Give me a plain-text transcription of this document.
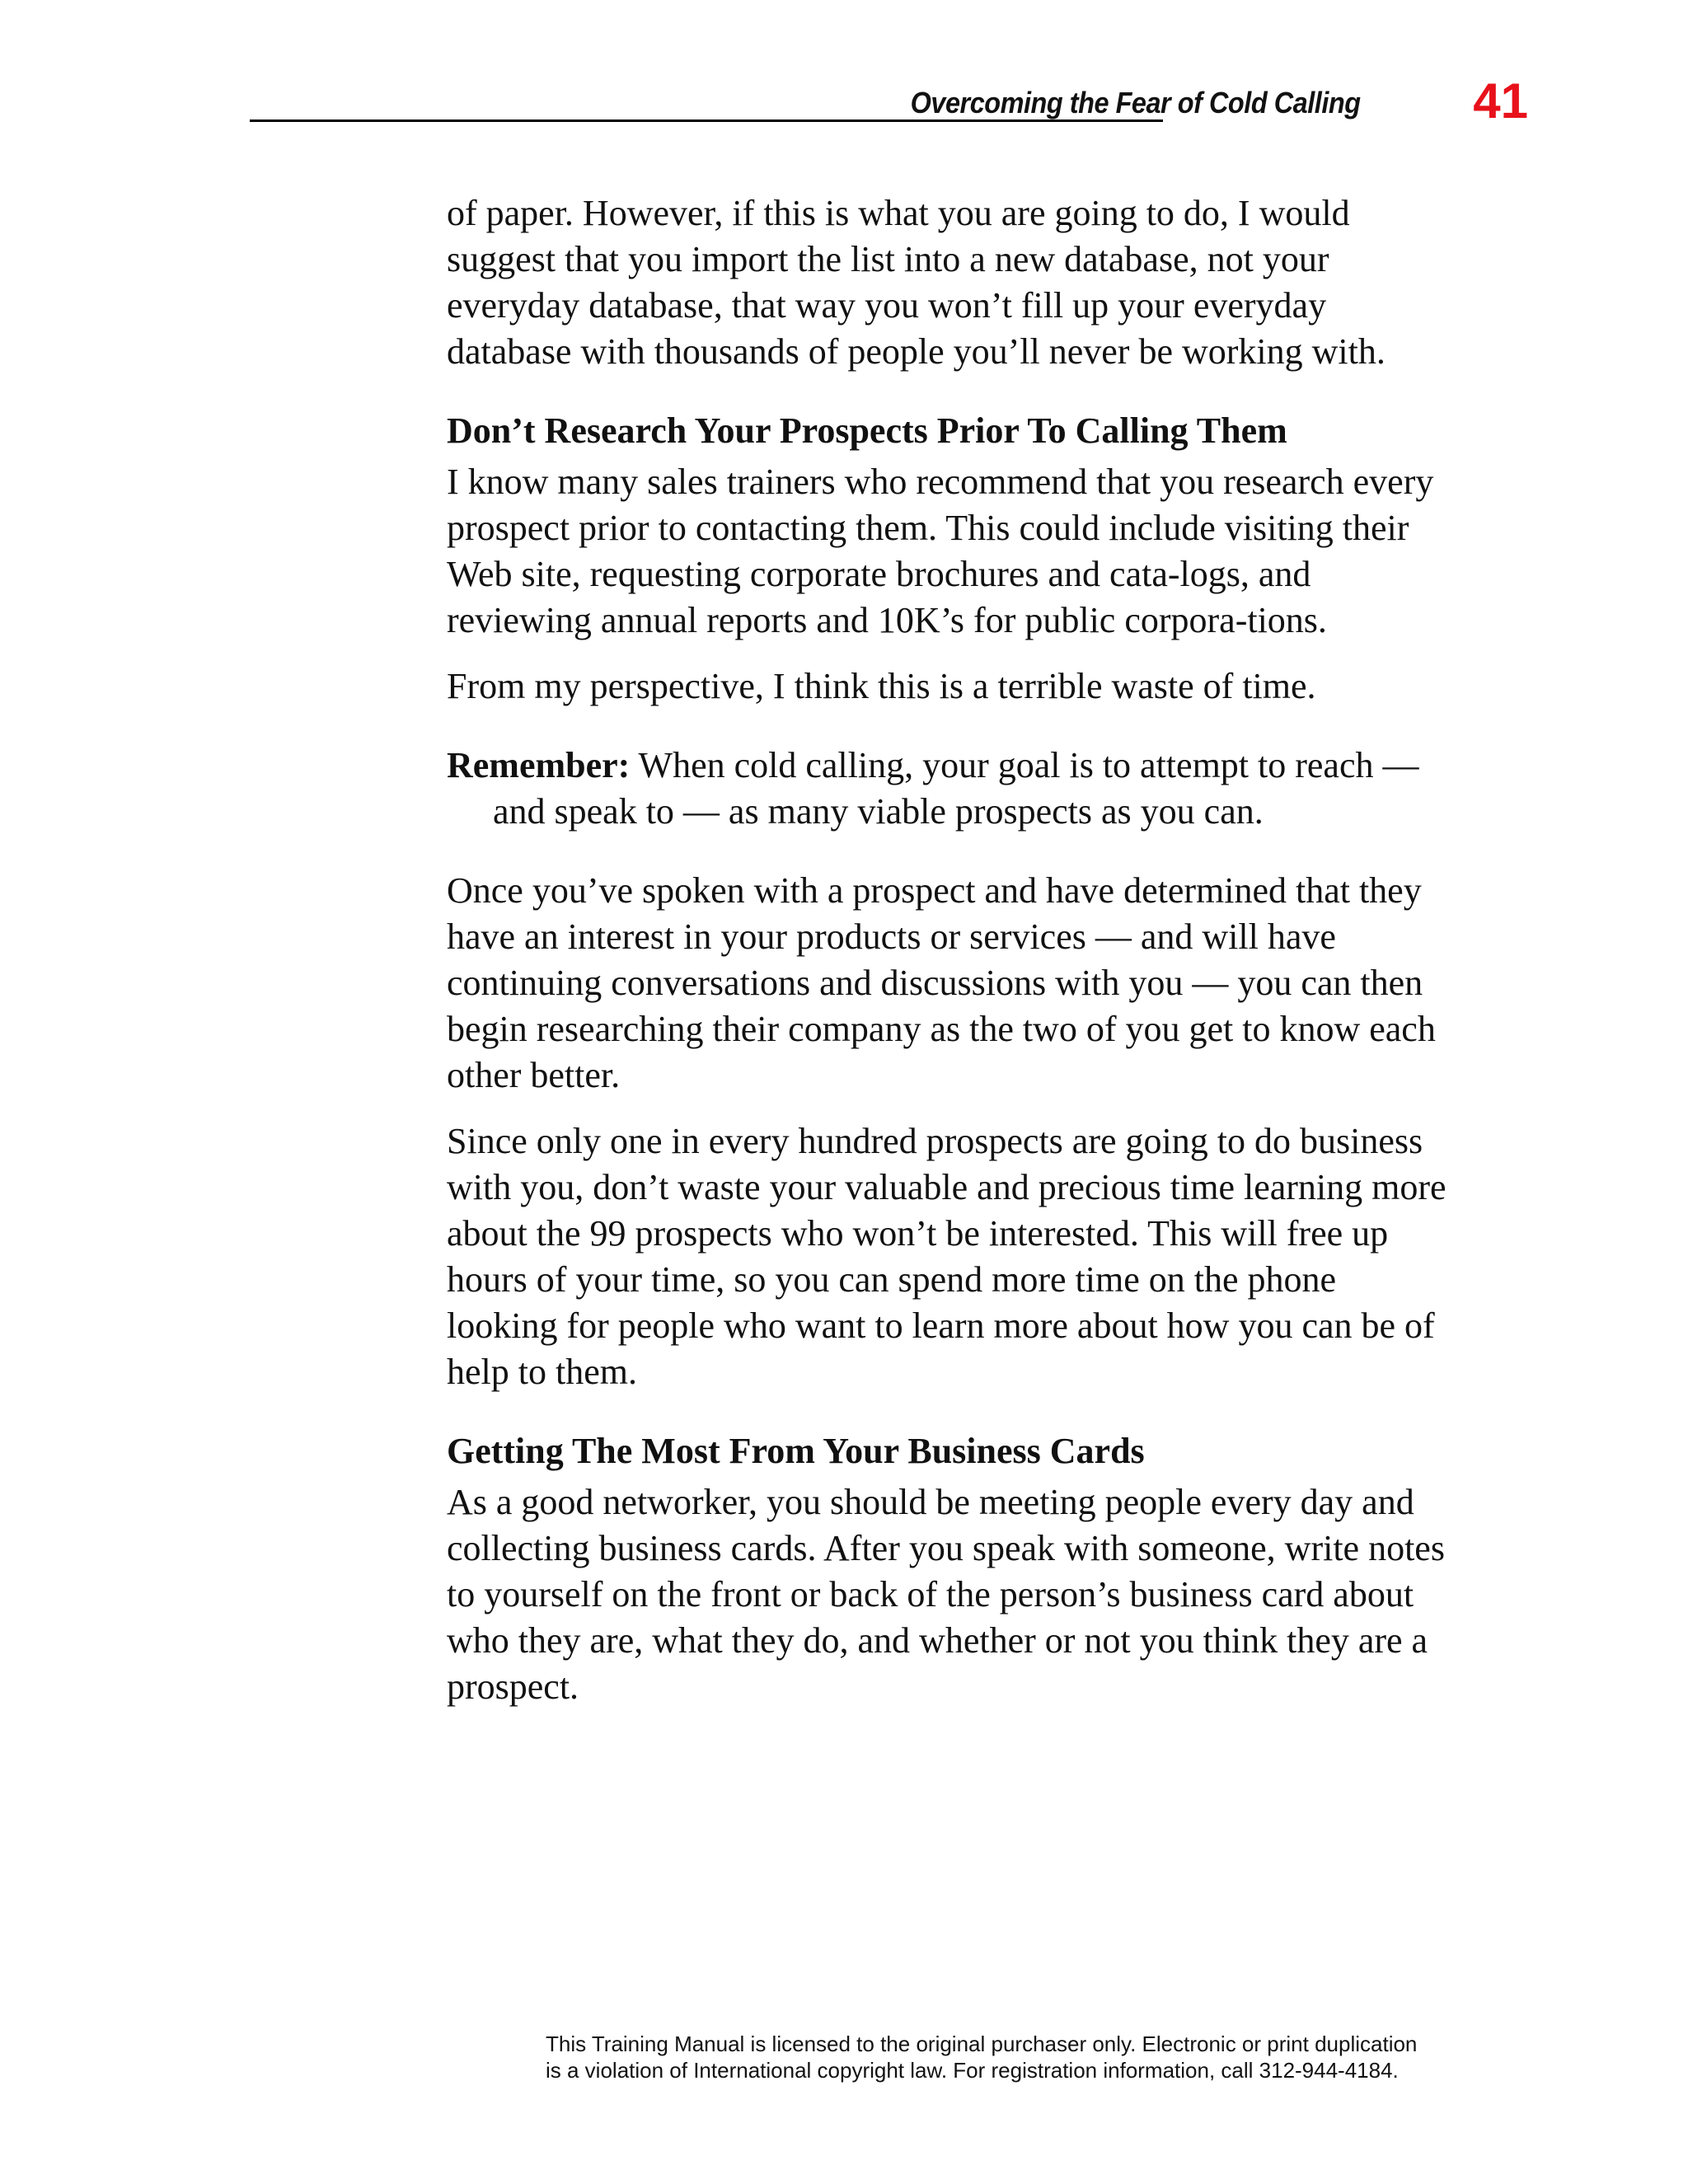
Overcoming the Fear of Cold Calling 41

of paper. However, if this is what you are going to do, I would suggest that you import the list into a new database, not your everyday database, that way you won’t fill up your everyday database with thousands of people you’ll never be working with.

Don’t Research Your Prospects Prior To Calling Them

I know many sales trainers who recommend that you research every prospect prior to contacting them. This could include visiting their Web site, requesting corporate brochures and cata-logs, and reviewing annual reports and 10K’s for public corpora-tions.

From my perspective, I think this is a terrible waste of time.

Remember: When cold calling, your goal is to attempt to reach — and speak to — as many viable prospects as you can.

Once you’ve spoken with a prospect and have determined that they have an interest in your products or services — and will have continuing conversations and discussions with you — you can then begin researching their company as the two of you get to know each other better.

Since only one in every hundred prospects are going to do business with you, don’t waste your valuable and precious time learning more about the 99 prospects who won’t be interested. This will free up hours of your time, so you can spend more time on the phone looking for people who want to learn more about how you can be of help to them.

Getting The Most From Your Business Cards

As a good networker, you should be meeting people every day and collecting business cards. After you speak with someone, write notes to yourself on the front or back of the person’s business card about who they are, what they do, and whether or not you think they are a prospect.

This Training Manual is licensed to the original purchaser only. Electronic or print duplication
is a violation of International copyright law. For registration information, call 312-944-4184.
